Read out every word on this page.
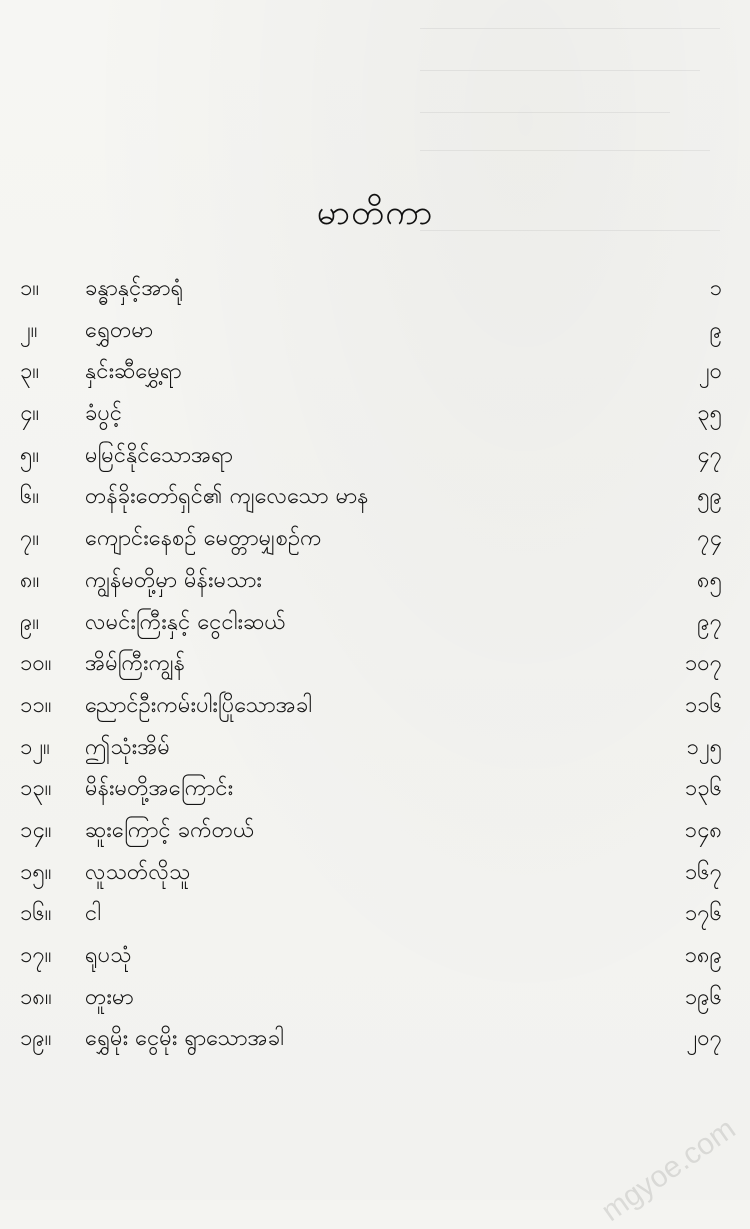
မာတိကာ
၁။	ခန္ဓာနှင့်အာရုံ	၁
၂။	ရွှေတမာ	၉
၃။	နှင်းဆီမွှေ့ရာ	၂၀
၄။	ခံပွင့်	၃၅
၅။	မမြင်နိုင်သောအရာ	၄၇
၆။	တန်ခိုးတော်ရှင်၏ ကျလေသော မာန	၅၉
၇။	ကျောင်းနေစဉ် မေတ္တာမျှစဉ်က	၇၄
၈။	ကျွန်မတို့မှာ မိန်းမသား	၈၅
၉။	လမင်းကြီးနှင့် ငွေငါးဆယ်	၉၇
၁၀။	အိမ်ကြီးကျွန်	၁၀၇
၁၁။	ညောင်ဦးကမ်းပါးပြိုသောအခါ	၁၁၆
၁၂။	ဤသုံးအိမ်	၁၂၅
၁၃။	မိန်းမတို့အကြောင်း	၁၃၆
၁၄။	ဆူးကြောင့် ခက်တယ်	၁၄၈
၁၅။	လူသတ်လိုသူ	၁၆၇
၁၆။	ငါ	၁၇၆
၁၇။	ရုပသုံ	၁၈၉
၁၈။	တူးမာ	၁၉၆
၁၉။	ရွှေမိုး ငွေမိုး ရွာသောအခါ	၂၀၇
mgyoe.com
